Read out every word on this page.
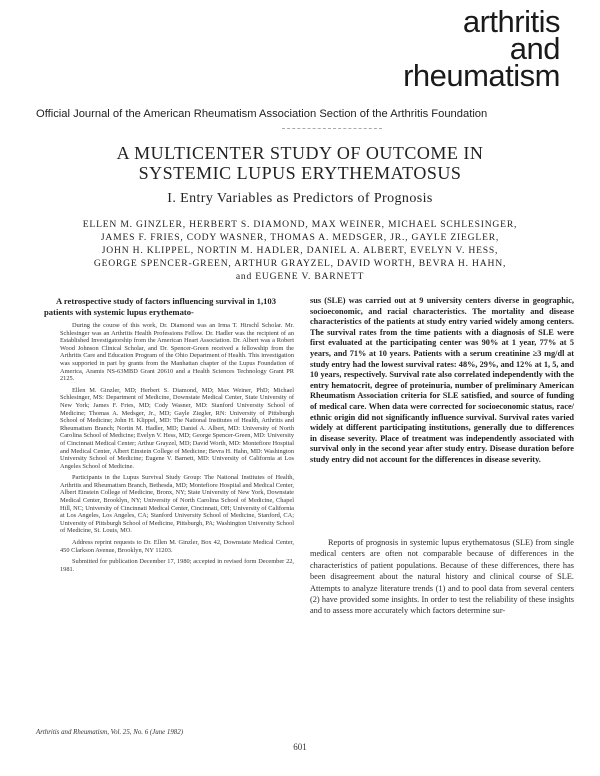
arthritis
and
rheumatism
Official Journal of the American Rheumatism Association Section of the Arthritis Foundation
A MULTICENTER STUDY OF OUTCOME IN
SYSTEMIC LUPUS ERYTHEMATOSUS
I. Entry Variables as Predictors of Prognosis
ELLEN M. GINZLER, HERBERT S. DIAMOND, MAX WEINER, MICHAEL SCHLESINGER,
JAMES F. FRIES, CODY WASNER, THOMAS A. MEDSGER, JR., GAYLE ZIEGLER,
JOHN H. KLIPPEL, NORTIN M. HADLER, DANIEL A. ALBERT, EVELYN V. HESS,
GEORGE SPENCER-GREEN, ARTHUR GRAYZEL, DAVID WORTH, BEVRA H. HAHN,
and EUGENE V. BARNETT
A retrospective study of factors influencing survival in 1,103 patients with systemic lupus erythemato-

During the course of this work, Dr. Diamond was an Irma T. Hirschl Scholar. Mr. Schlesinger was an Arthritis Health Professions Fellow. Dr. Hadler was the recipient of an Established Investigatorship from the American Heart Association. Dr. Albert was a Robert Wood Johnson Clinical Scholar, and Dr. Spencer-Green received a fellowship from the Arthritis Care and Education Program of the Ohio Department of Health. This investigation was supported in part by grants from the Manhattan chapter of the Lupus Foundation of America, Aramis NS-63MBD Grant 20610 and a Health Sciences Technology Grant PR 2125.

Ellen M. Ginzler, MD; Herbert S. Diamond, MD; Max Weiner, PhD; Michael Schlesinger, MS: Department of Medicine, Downstate Medical Center, State University of New York; James F. Fries, MD; Cody Wasner, MD: Stanford University School of Medicine; Thomas A. Medsger, Jr., MD; Gayle Ziegler, RN: University of Pittsburgh School of Medicine; John H. Klippel, MD: The National Institutes of Health, Arthritis and Rheumatism Branch; Nortin M. Hadler, MD; Daniel A. Albert, MD: University of North Carolina School of Medicine; Evelyn V. Hess, MD; George Spencer-Green, MD: University of Cincinnati Medical Center; Arthur Grayzel, MD; David Worth, MD: Montefiore Hospital and Medical Center, Albert Einstein College of Medicine; Bevra H. Hahn, MD: Washington University School of Medicine; Eugene V. Barnett, MD: University of California at Los Angeles School of Medicine.

Participants in the Lupus Survival Study Group: The National Institutes of Health, Arthritis and Rheumatism Branch, Bethesda, MD; Montefiore Hospital and Medical Center, Albert Einstein College of Medicine, Bronx, NY; State University of New York, Downstate Medical Center, Brooklyn, NY; University of North Carolina School of Medicine, Chapel Hill, NC; University of Cincinnati Medical Center, Cincinnati, OH; University of California at Los Angeles, Los Angeles, CA; Stanford University School of Medicine, Stanford, CA; University of Pittsburgh School of Medicine, Pittsburgh, PA; Washington University School of Medicine, St. Louis, MO.

Address reprint requests to Dr. Ellen M. Ginzler, Box 42, Downstate Medical Center, 450 Clarkson Avenue, Brooklyn, NY 11203.

Submitted for publication December 17, 1980; accepted in revised form December 22, 1981.

sus (SLE) was carried out at 9 university centers diverse in geographic, socioeconomic, and racial characteristics. The mortality and disease characteristics of the patients at study entry varied widely among centers. The survival rates from the time patients with a diagnosis of SLE were first evaluated at the participating center was 90% at 1 year, 77% at 5 years, and 71% at 10 years. Patients with a serum creatinine ≥3 mg/dl at study entry had the lowest survival rates: 48%, 29%, and 12% at 1, 5, and 10 years, respectively. Survival rate also correlated independently with the entry hematocrit, degree of proteinuria, number of preliminary American Rheumatism Association criteria for SLE satisfied, and source of funding of medical care. When data were corrected for socioeconomic status, race/ ethnic origin did not significantly influence survival. Survival rates varied widely at different participating institutions, generally due to differences in disease severity. Place of treatment was independently associated with survival only in the second year after study entry. Disease duration before study entry did not account for the differences in disease severity.
Reports of prognosis in systemic lupus erythematosus (SLE) from single medical centers are often not comparable because of differences in the characteristics of patient populations. Because of these differences, there has been disagreement about the natural history and clinical course of SLE. Attempts to analyze literature trends (1) and to pool data from several centers (2) have provided some insights. In order to test the reliability of these insights and to assess more accurately which factors determine sur-
Arthritis and Rheumatism, Vol. 25, No. 6 (June 1982)
601
